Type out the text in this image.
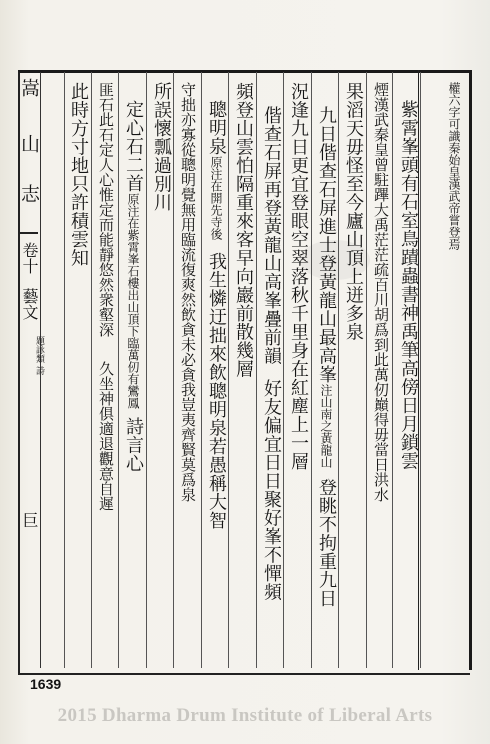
嵩
山
志
卷十
藝文
題詠類 詩
巨
權六字可識秦始皇漢武帝嘗登焉
紫霄峯頭有石室鳥蹟蟲書神禹筆高傍日月鎖雲
煙漢武秦皇曾駐蹕大禹茫茫疏百川胡爲到此萬仞巔得毋當日洪水
果滔天毋怪至今廬山頂上迸多泉
九日偕查石屏進士登黃龍山最高峯注山南之黃龍山登眺不拘重九日
況逢九日更宜登眼空翠落秋千里身在紅塵上一層
偕查石屏再登黃龍山高峯疊前韻好友偏宜日日聚好峯不憚頻
頻登山雲怕隔重來客早向巖前散幾層
聰明泉原注在開先寺後我生憐迂拙來飲聰明泉若愚稱大智
守拙亦寡從聰明覺無用臨流復爽然飲貪未必貪我豈夷齊賢莫爲泉
所誤懷瓢過別川
定心石二首原注在紫霄峯石樓出山頂下臨萬仞有鸞鳳詩言心
匪石此石定人心惟定而能靜悠然衆壑深久坐神俱適退觀意自遲
此時方寸地只許積雲知
1639
2015 Dharma Drum Institute of Liberal Arts
